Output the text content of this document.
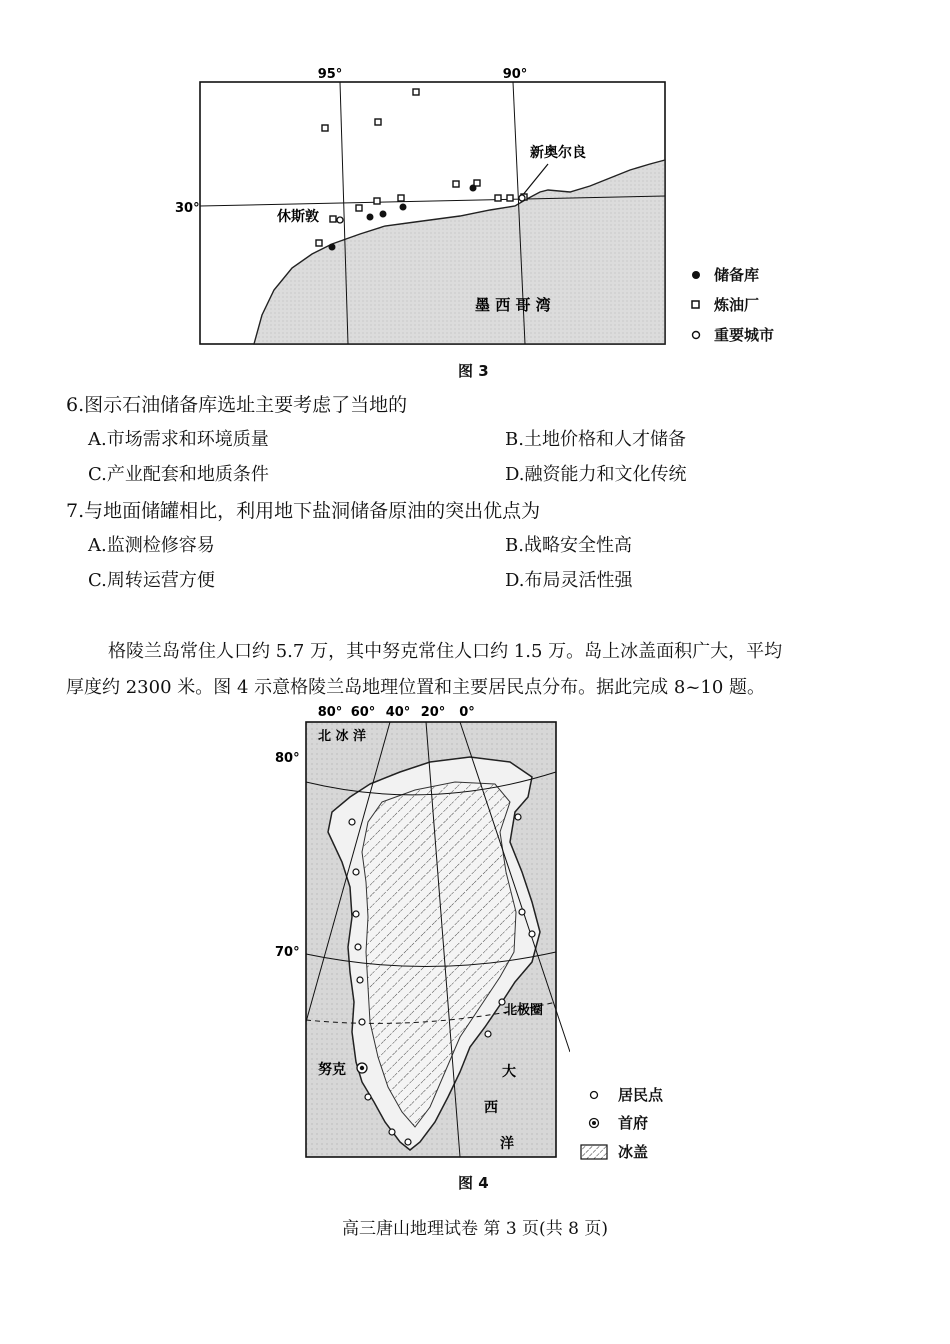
95°	90°
30°
新奥尔良
休斯敦
墨 西 哥 湾
储备库
炼油厂
重要城市
图 3
6.图示石油储备库选址主要考虑了当地的
A.市场需求和环境质量	B.土地价格和人才储备
C.产业配套和地质条件	D.融资能力和文化传统
7.与地面储罐相比，利用地下盐洞储备原油的突出优点为
A.监测检修容易	B.战略安全性高
C.周转运营方便	D.布局灵活性强
格陵兰岛常住人口约 5.7 万，其中努克常住人口约 1.5 万。岛上冰盖面积广大，平均
厚度约 2300 米。图 4 示意格陵兰岛地理位置和主要居民点分布。据此完成 8~10 题。
80° 60° 40° 20° 0°
80°
70°
北 冰 洋
北极圈
努克	大
西
洋
居民点
首府
冰盖
图 4
高三唐山地理试卷 第 3 页(共 8 页)
